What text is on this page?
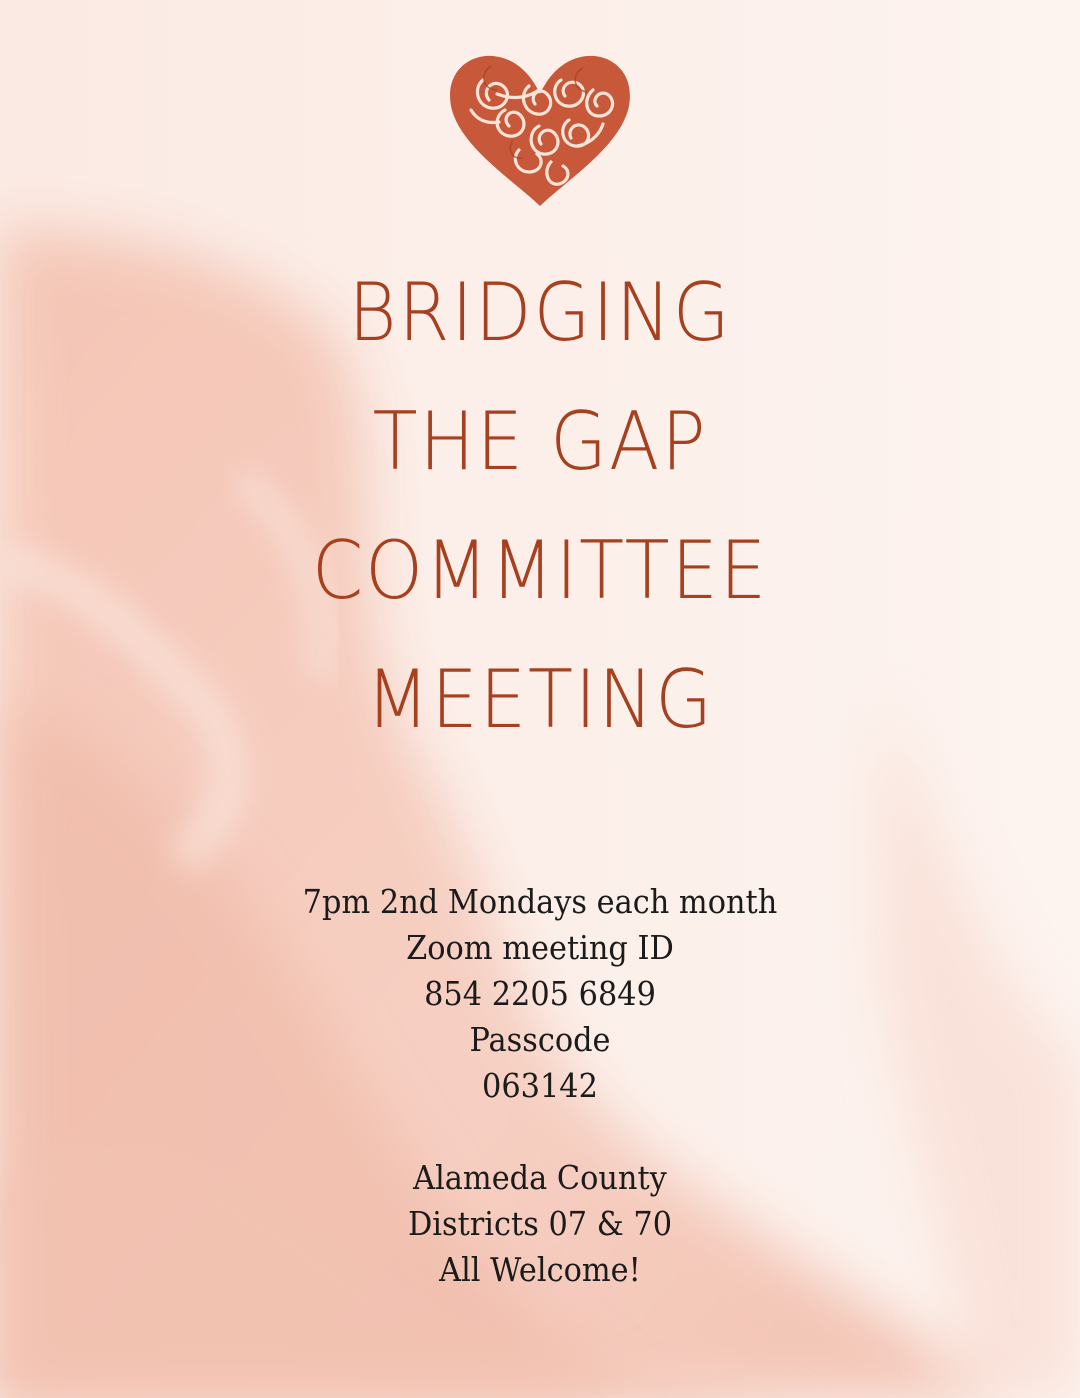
BRIDGING
THE GAP
COMMITTEE
MEETING
7pm 2nd Mondays each month
Zoom meeting ID
854 2205 6849
Passcode
063142
Alameda County
Districts 07 & 70
All Welcome!
